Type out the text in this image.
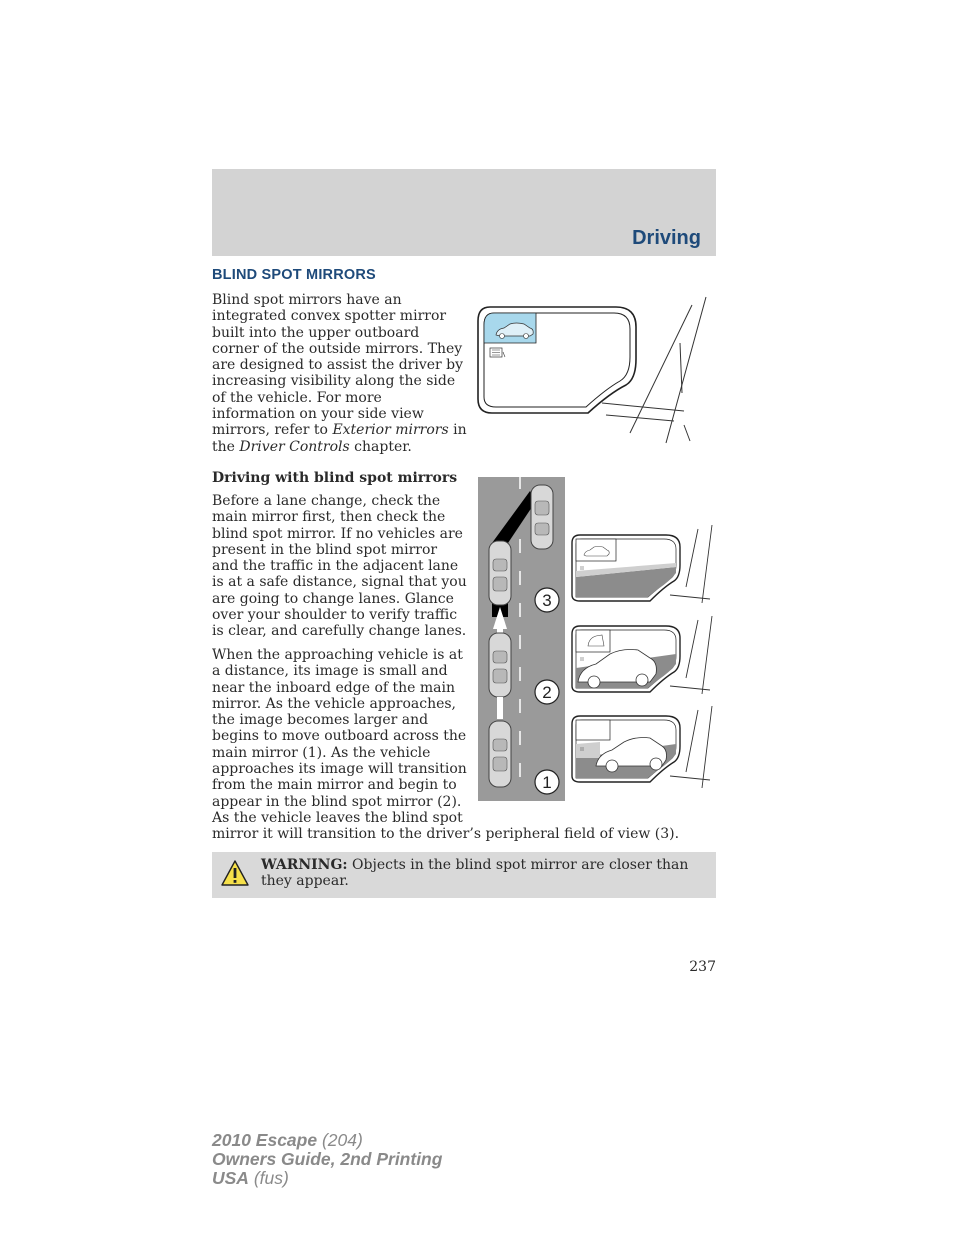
Driving
BLIND SPOT MIRRORS

Blind spot mirrors have an integrated convex spotter mirror built into the upper outboard corner of the outside mirrors. They are designed to assist the driver by increasing visibility along the side of the vehicle. For more information on your side view mirrors, refer to Exterior mirrors in the Driver Controls chapter.

Driving with blind spot mirrors

Before a lane change, check the main mirror first, then check the blind spot mirror. If no vehicles are present in the blind spot mirror and the traffic in the adjacent lane is at a safe distance, signal that you are going to change lanes. Glance over your shoulder to verify traffic is clear, and carefully change lanes.

When the approaching vehicle is at a distance, its image is small and near the inboard edge of the main mirror. As the vehicle approaches, the image becomes larger and begins to move outboard across the main mirror (1). As the vehicle approaches its image will transition from the main mirror and begin to appear in the blind spot mirror (2). As the vehicle leaves the blind spot

mirror it will transition to the driver’s peripheral field of view (3).

3
2
1

WARNING: Objects in the blind spot mirror are closer than they appear.

237

2010 Escape (204)
Owners Guide, 2nd Printing
USA (fus)
